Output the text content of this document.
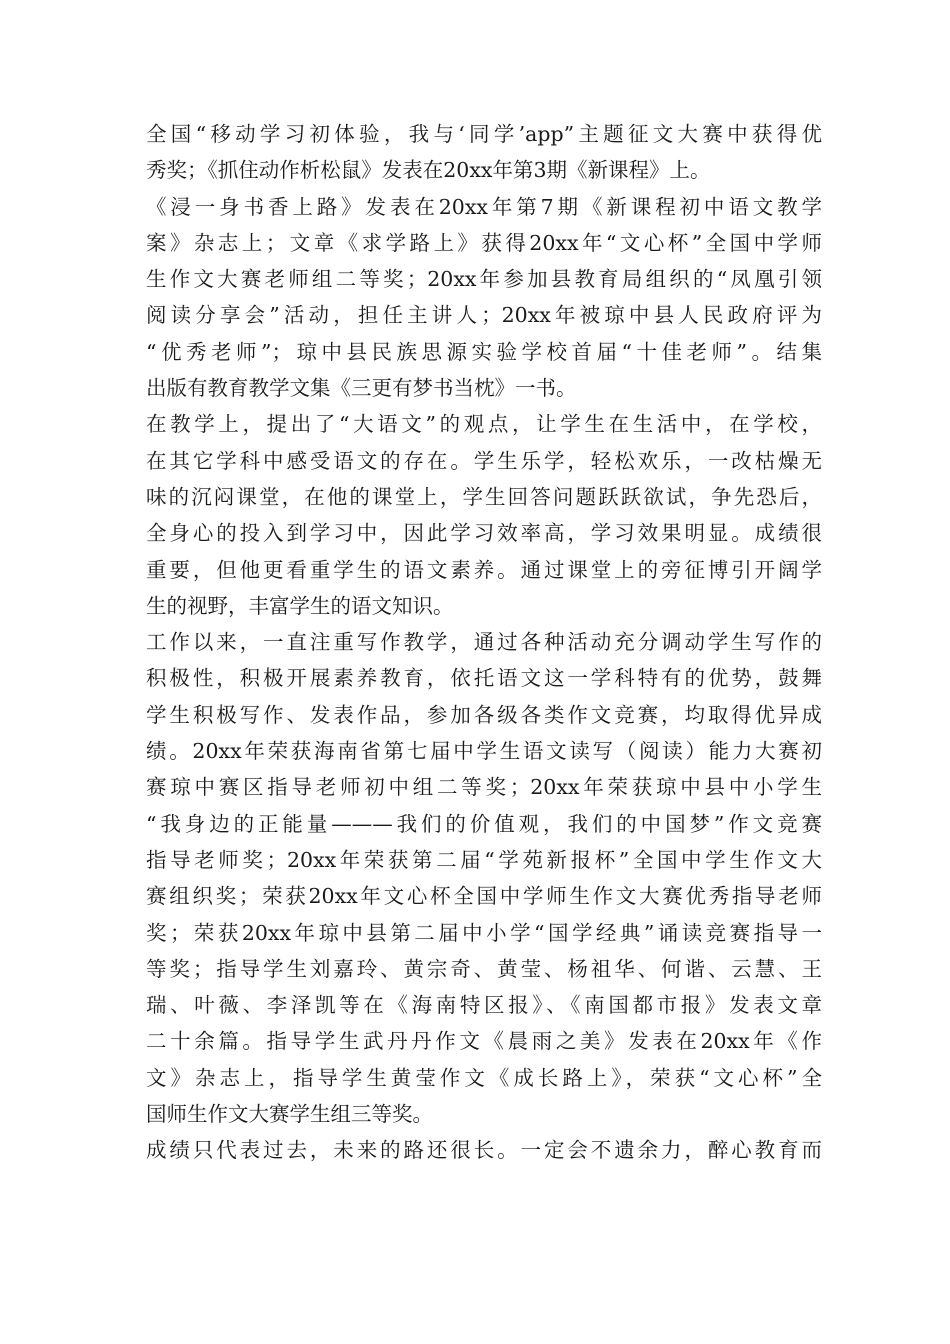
全国“移动学习初体验，我与‘同学’app”主题征文大赛中获得优
秀奖；《抓住动作析松鼠》发表在20xx年第3期《新课程》上。
《浸一身书香上路》发表在20xx年第7期《新课程初中语文教学
案》杂志上；文章《求学路上》获得20xx年“文心杯”全国中学师
生作文大赛老师组二等奖；20xx年参加县教育局组织的“凤凰引领
阅读分享会”活动，担任主讲人；20xx年被琼中县人民政府评为
“优秀老师”；琼中县民族思源实验学校首届“十佳老师”。结集
出版有教育教学文集《三更有梦书当枕》一书。
在教学上，提出了“大语文”的观点，让学生在生活中，在学校，
在其它学科中感受语文的存在。学生乐学，轻松欢乐，一改枯燥无
味的沉闷课堂，在他的课堂上，学生回答问题跃跃欲试，争先恐后，
全身心的投入到学习中，因此学习效率高，学习效果明显。成绩很
重要，但他更看重学生的语文素养。通过课堂上的旁征博引开阔学
生的视野，丰富学生的语文知识。
工作以来，一直注重写作教学，通过各种活动充分调动学生写作的
积极性，积极开展素养教育，依托语文这一学科特有的优势，鼓舞
学生积极写作、发表作品，参加各级各类作文竞赛，均取得优异成
绩。20xx年荣获海南省第七届中学生语文读写（阅读）能力大赛初
赛琼中赛区指导老师初中组二等奖；20xx年荣获琼中县中小学生
“我身边的正能量———我们的价值观，我们的中国梦”作文竞赛
指导老师奖；20xx年荣获第二届“学苑新报杯”全国中学生作文大
赛组织奖；荣获20xx年文心杯全国中学师生作文大赛优秀指导老师
奖；荣获20xx年琼中县第二届中小学“国学经典”诵读竞赛指导一
等奖；指导学生刘嘉玲、黄宗奇、黄莹、杨祖华、何谐、云慧、王
瑞、叶薇、李泽凯等在《海南特区报》、《南国都市报》发表文章
二十余篇。指导学生武丹丹作文《晨雨之美》发表在20xx年《作
文》杂志上，指导学生黄莹作文《成长路上》，荣获“文心杯”全
国师生作文大赛学生组三等奖。
成绩只代表过去，未来的路还很长。一定会不遗余力，醉心教育而
